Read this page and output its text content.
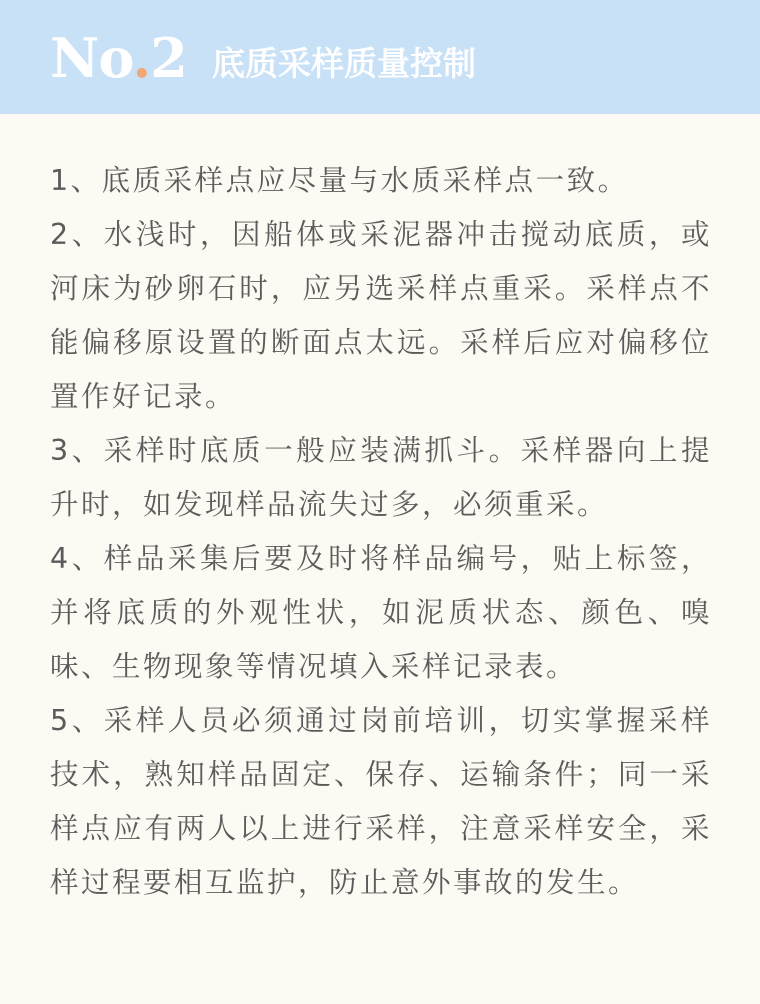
No.2 底质采样质量控制

1、底质采样点应尽量与水质采样点一致。

2、水浅时，因船体或采泥器冲击搅动底质，或河床为砂卵石时，应另选采样点重采。采样点不能偏移原设置的断面点太远。采样后应对偏移位置作好记录。

3、采样时底质一般应装满抓斗。采样器向上提升时，如发现样品流失过多，必须重采。

4、样品采集后要及时将样品编号，贴上标签，并将底质的外观性状，如泥质状态、颜色、嗅味、生物现象等情况填入采样记录表。

5、采样人员必须通过岗前培训，切实掌握采样技术，熟知样品固定、保存、运输条件；同一采样点应有两人以上进行采样，注意采样安全，采样过程要相互监护，防止意外事故的发生。
